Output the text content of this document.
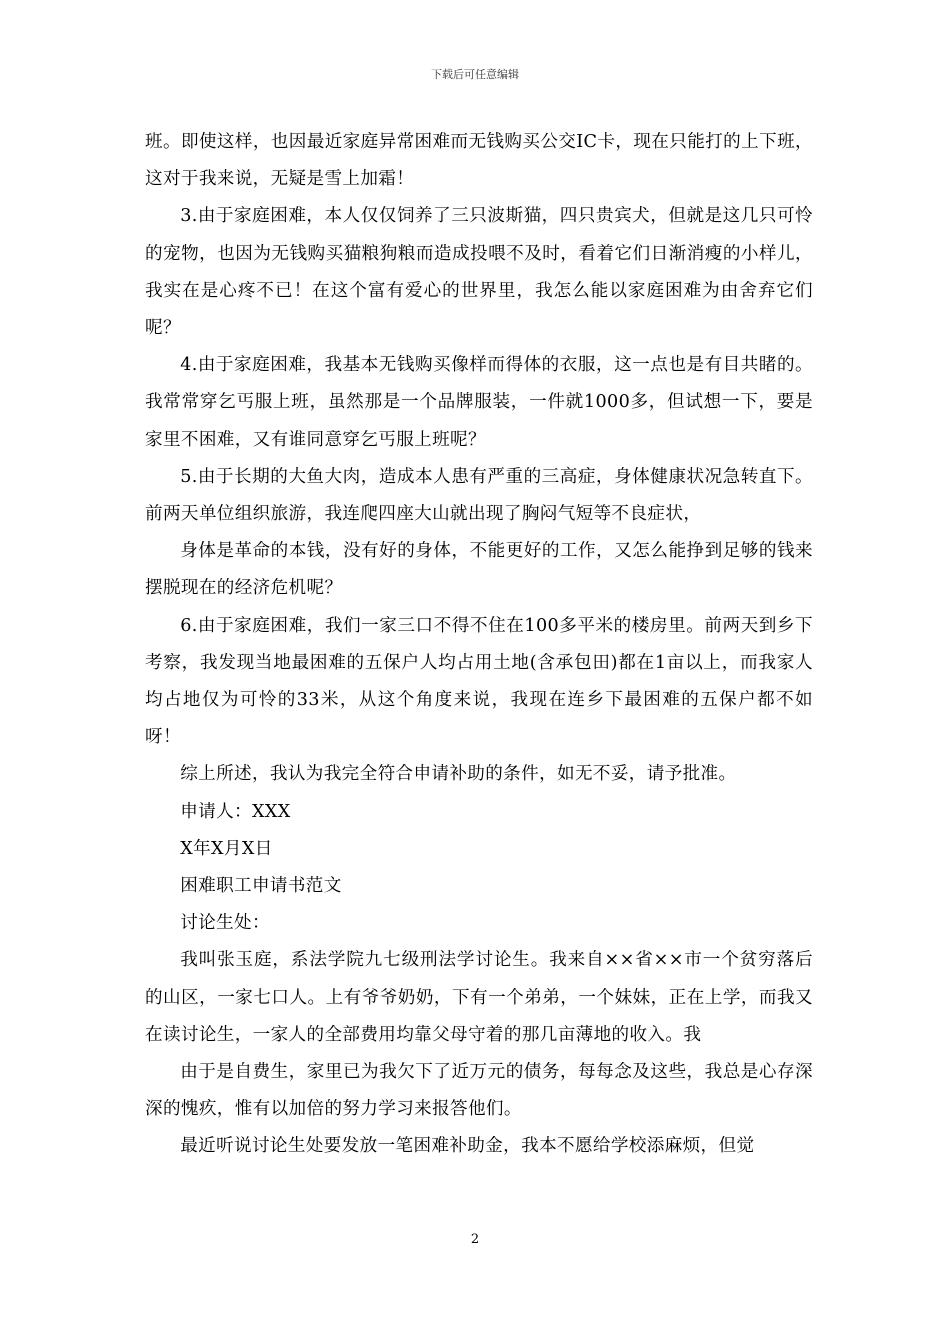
下载后可任意编辑

班。即使这样，也因最近家庭异常困难而无钱购买公交IC卡，现在只能打的上下班，这对于我来说，无疑是雪上加霜！

3.由于家庭困难，本人仅仅饲养了三只波斯猫，四只贵宾犬，但就是这几只可怜的宠物，也因为无钱购买猫粮狗粮而造成投喂不及时，看着它们日渐消瘦的小样儿，我实在是心疼不已！在这个富有爱心的世界里，我怎么能以家庭困难为由舍弃它们呢？

4.由于家庭困难，我基本无钱购买像样而得体的衣服，这一点也是有目共睹的。我常常穿乞丐服上班，虽然那是一个品牌服装，一件就1000多，但试想一下，要是家里不困难，又有谁同意穿乞丐服上班呢？

5.由于长期的大鱼大肉，造成本人患有严重的三高症，身体健康状况急转直下。前两天单位组织旅游，我连爬四座大山就出现了胸闷气短等不良症状，

身体是革命的本钱，没有好的身体，不能更好的工作，又怎么能挣到足够的钱来摆脱现在的经济危机呢？

6.由于家庭困难，我们一家三口不得不住在100多平米的楼房里。前两天到乡下考察，我发现当地最困难的五保户人均占用土地(含承包田)都在1亩以上，而我家人均占地仅为可怜的33米，从这个角度来说，我现在连乡下最困难的五保户都不如呀！

综上所述，我认为我完全符合申请补助的条件，如无不妥，请予批准。

申请人：XXX

X年X月X日

困难职工申请书范文

讨论生处：

我叫张玉庭，系法学院九七级刑法学讨论生。我来自××省××市一个贫穷落后的山区，一家七口人。上有爷爷奶奶，下有一个弟弟，一个妹妹，正在上学，而我又在读讨论生，一家人的全部费用均靠父母守着的那几亩薄地的收入。我

由于是自费生，家里已为我欠下了近万元的债务，每每念及这些，我总是心存深深的愧疚，惟有以加倍的努力学习来报答他们。

最近听说讨论生处要发放一笔困难补助金，我本不愿给学校添麻烦，但觉

2
